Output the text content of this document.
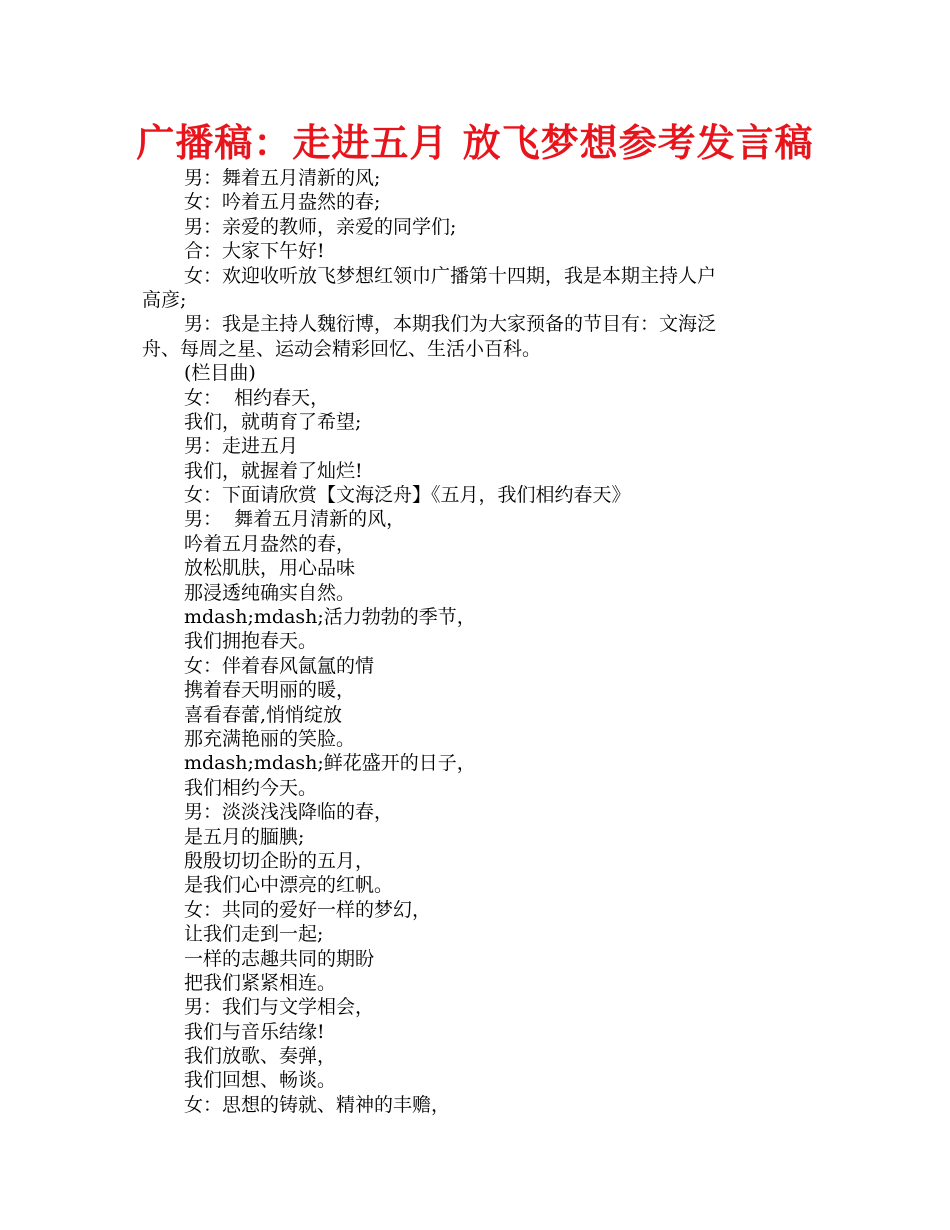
广播稿：走进五月 放飞梦想参考发言稿
男：舞着五月清新的风;
女：吟着五月盎然的春;
男：亲爱的教师，亲爱的同学们;
合：大家下午好!
女：欢迎收听放飞梦想红领巾广播第十四期，我是本期主持人户
高彦;
男：我是主持人魏衍博，本期我们为大家预备的节目有：文海泛
舟、每周之星、运动会精彩回忆、生活小百科。
(栏目曲)
女：  相约春天，
我们，就萌育了希望;
男：走进五月
我们，就握着了灿烂!
女：下面请欣赏【文海泛舟】《五月，我们相约春天》
男：  舞着五月清新的风，
吟着五月盎然的春，
放松肌肤，用心品味
那浸透纯确实自然。
mdash;mdash;活力勃勃的季节，
我们拥抱春天。
女：伴着春风氤氲的情
携着春天明丽的暖，
喜看春蕾,悄悄绽放
那充满艳丽的笑脸。
mdash;mdash;鲜花盛开的日子，
我们相约今天。
男：淡淡浅浅降临的春，
是五月的腼腆;
殷殷切切企盼的五月，
是我们心中漂亮的红帆。
女：共同的爱好一样的梦幻，
让我们走到一起;
一样的志趣共同的期盼
把我们紧紧相连。
男：我们与文学相会，
我们与音乐结缘!
我们放歌、奏弹，
我们回想、畅谈。
女：思想的铸就、精神的丰赡，
